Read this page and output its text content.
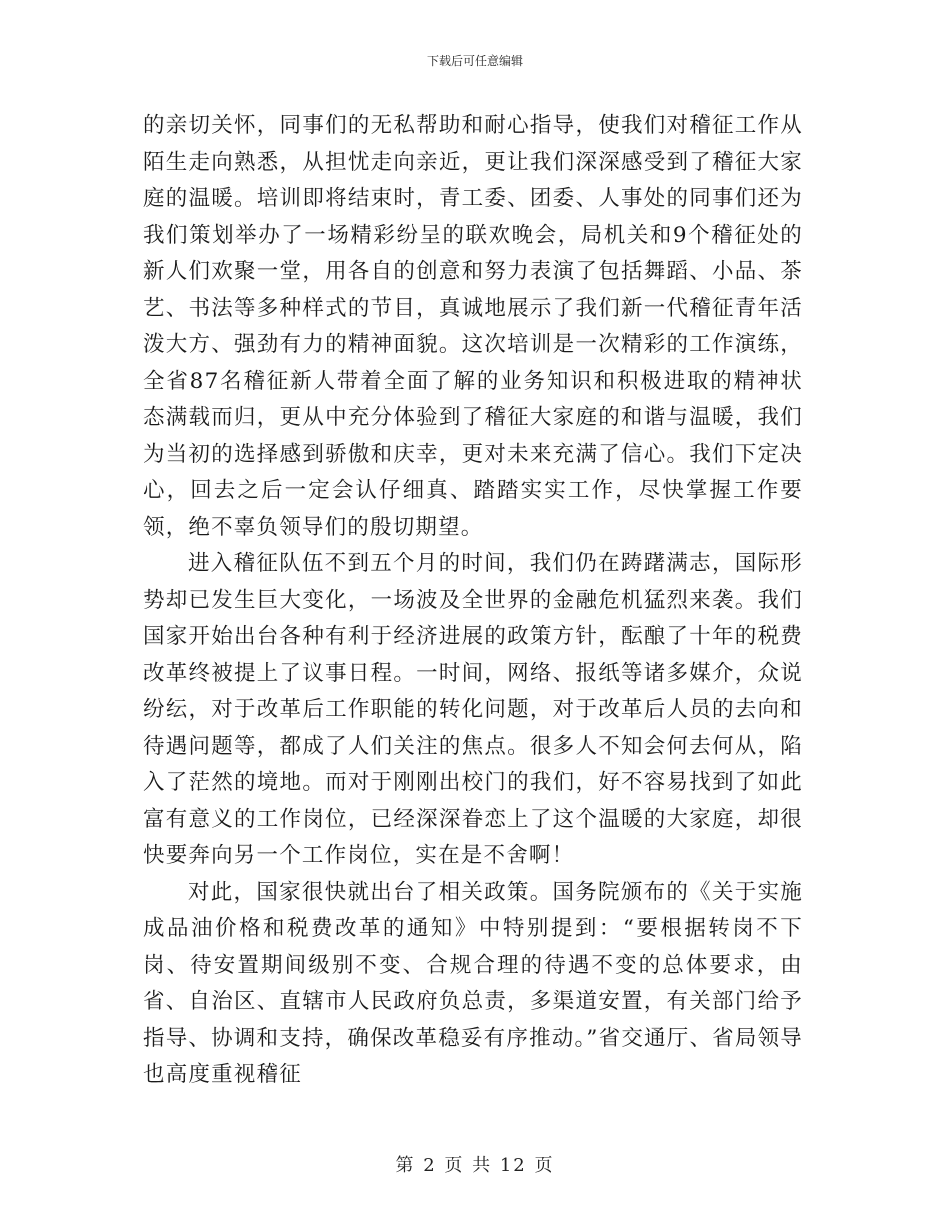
下载后可任意编辑

的亲切关怀，同事们的无私帮助和耐心指导，使我们对稽征工作从陌生走向熟悉，从担忧走向亲近，更让我们深深感受到了稽征大家庭的温暖。培训即将结束时，青工委、团委、人事处的同事们还为我们策划举办了一场精彩纷呈的联欢晚会，局机关和9个稽征处的新人们欢聚一堂，用各自的创意和努力表演了包括舞蹈、小品、茶艺、书法等多种样式的节目，真诚地展示了我们新一代稽征青年活泼大方、强劲有力的精神面貌。这次培训是一次精彩的工作演练，全省87名稽征新人带着全面了解的业务知识和积极进取的精神状态满载而归，更从中充分体验到了稽征大家庭的和谐与温暖，我们为当初的选择感到骄傲和庆幸，更对未来充满了信心。我们下定决心，回去之后一定会认仔细真、踏踏实实工作，尽快掌握工作要领，绝不辜负领导们的殷切期望。

进入稽征队伍不到五个月的时间，我们仍在踌躇满志，国际形势却已发生巨大变化，一场波及全世界的金融危机猛烈来袭。我们国家开始出台各种有利于经济进展的政策方针，酝酿了十年的税费改革终被提上了议事日程。一时间，网络、报纸等诸多媒介，众说纷纭，对于改革后工作职能的转化问题，对于改革后人员的去向和待遇问题等，都成了人们关注的焦点。很多人不知会何去何从，陷入了茫然的境地。而对于刚刚出校门的我们，好不容易找到了如此富有意义的工作岗位，已经深深眷恋上了这个温暖的大家庭，却很快要奔向另一个工作岗位，实在是不舍啊！

对此，国家很快就出台了相关政策。国务院颁布的《关于实施成品油价格和税费改革的通知》中特别提到：“要根据转岗不下岗、待安置期间级别不变、合规合理的待遇不变的总体要求，由省、自治区、直辖市人民政府负总责，多渠道安置，有关部门给予指导、协调和支持，确保改革稳妥有序推动。”省交通厅、省局领导也高度重视稽征

第 2 页 共 12 页
